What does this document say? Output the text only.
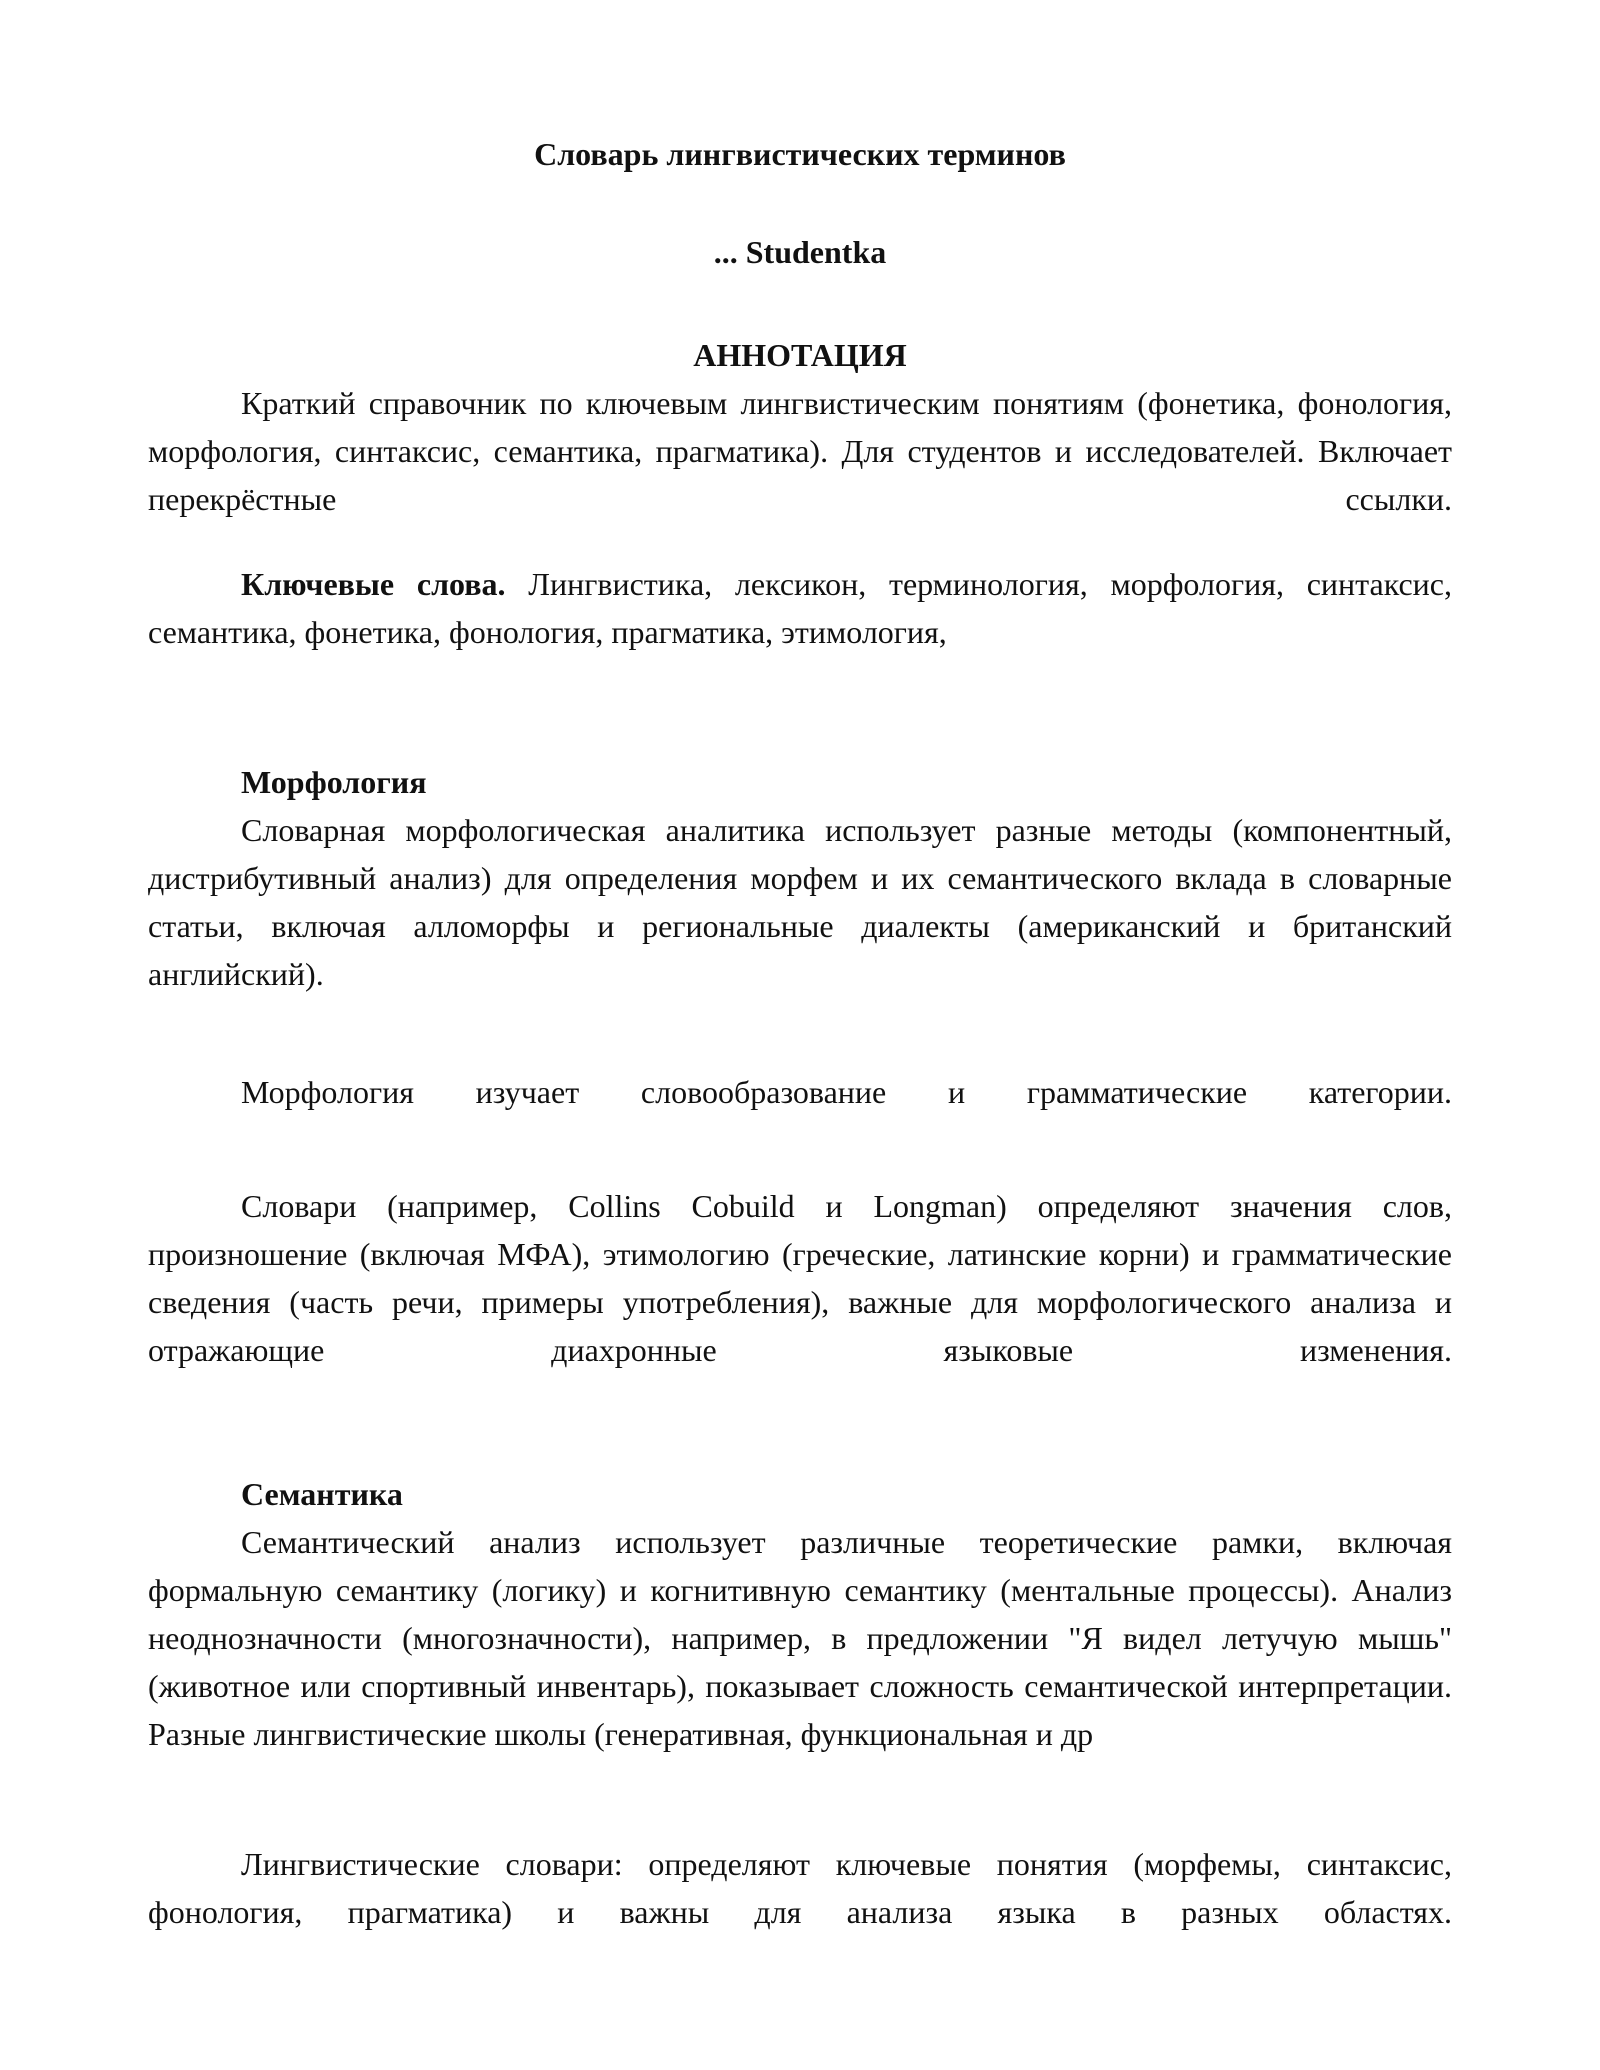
Словарь лингвистических терминов
... Studentka
АННОТАЦИЯ
Краткий справочник по ключевым лингвистическим понятиям (фонетика, фонология, морфология, синтаксис, семантика, прагматика). Для студентов и исследователей. Включает перекрёстные ссылки.
Ключевые слова. Лингвистика, лексикон, терминология, морфология, синтаксис, семантика, фонетика, фонология, прагматика, этимология,
Морфология
Словарная морфологическая аналитика использует разные методы (компонентный, дистрибутивный анализ) для определения морфем и их семантического вклада в словарные статьи, включая алломорфы и региональные диалекты (американский и британский английский).
Морфология изучает словообразование и грамматические категории.
Словари (например, Collins Cobuild и Longman) определяют значения слов, произношение (включая МФА), этимологию (греческие, латинские корни) и грамматические сведения (часть речи, примеры употребления), важные для морфологического анализа и отражающие диахронные языковые изменения.
Семантика
Семантический анализ использует различные теоретические рамки, включая формальную семантику (логику) и когнитивную семантику (ментальные процессы). Анализ неоднозначности (многозначности), например, в предложении "Я видел летучую мышь" (животное или спортивный инвентарь), показывает сложность семантической интерпретации. Разные лингвистические школы (генеративная, функциональная и др
Лингвистические словари: определяют ключевые понятия (морфемы, синтаксис, фонология, прагматика) и важны для анализа языка в разных областях.
